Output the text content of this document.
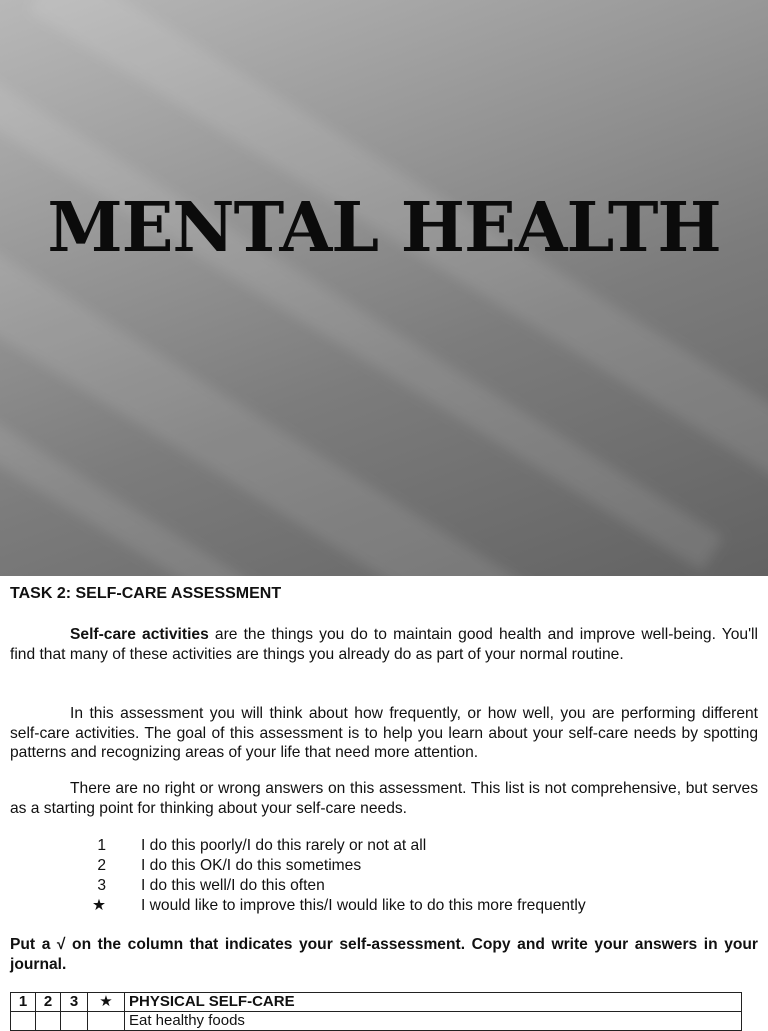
MENTAL HEALTH
TASK 2: SELF-CARE ASSESSMENT

Self-care activities are the things you do to maintain good health and improve well-being. You'll find that many of these activities are things you already do as part of your normal routine.

In this assessment you will think about how frequently, or how well, you are performing different self-care activities. The goal of this assessment is to help you learn about your self-care needs by spotting patterns and recognizing areas of your life that need more attention.

There are no right or wrong answers on this assessment. This list is not comprehensive, but serves as a starting point for thinking about your self-care needs.

1	I do this poorly/I do this rarely or not at all
2	I do this OK/I do this sometimes
3	I do this well/I do this often
★	I would like to improve this/I would like to do this more frequently

Put a √ on the column that indicates your self-assessment. Copy and write your answers in your journal.

1	2	3	★	PHYSICAL SELF-CARE
				Eat healthy foods
